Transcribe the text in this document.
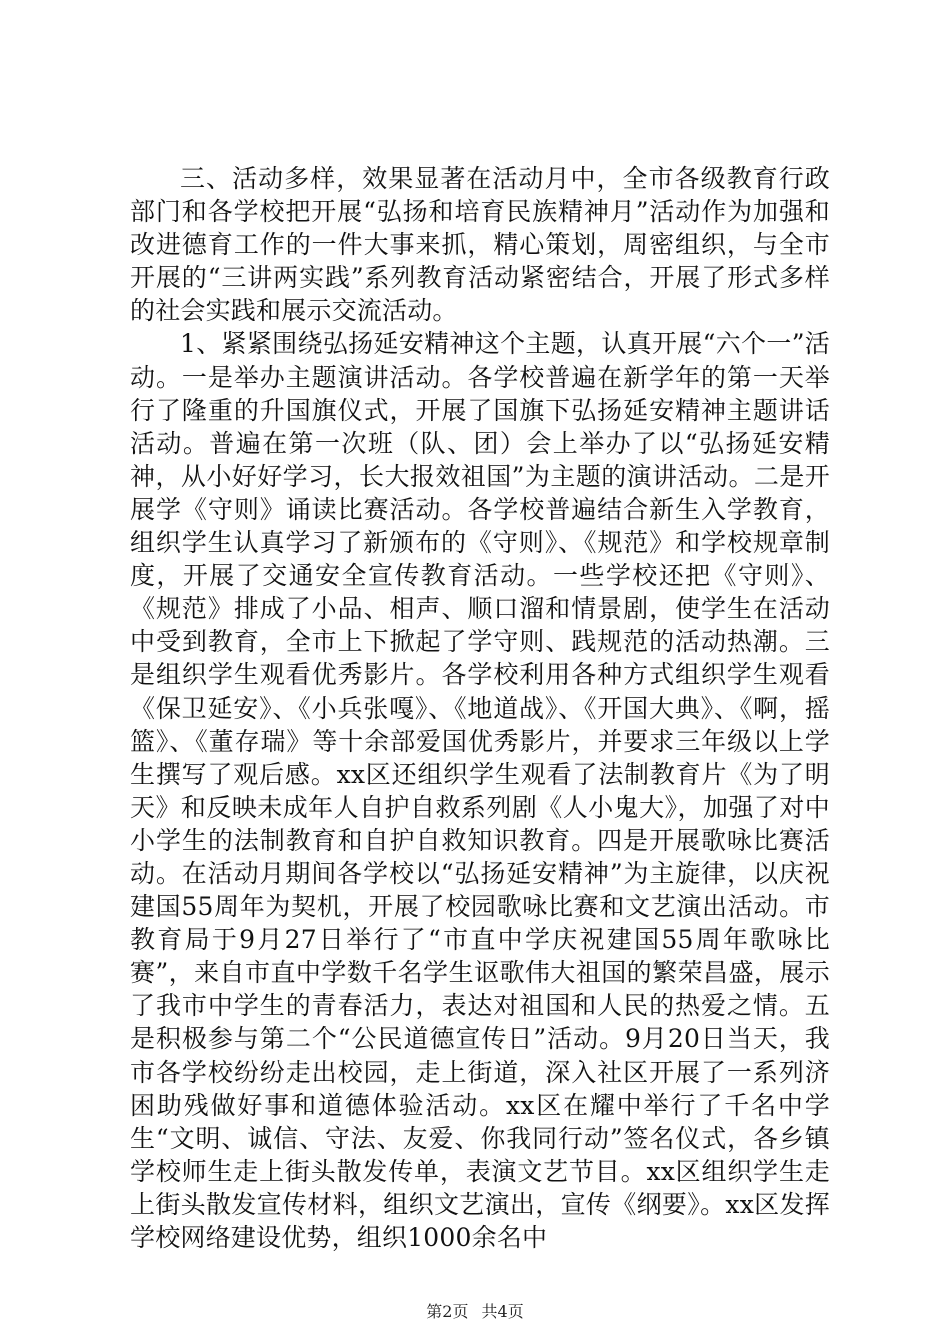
三、活动多样，效果显著在活动月中，全市各级教育行政部门和各学校把开展“弘扬和培育民族精神月”活动作为加强和改进德育工作的一件大事来抓，精心策划，周密组织，与全市开展的“三讲两实践”系列教育活动紧密结合，开展了形式多样的社会实践和展示交流活动。

1、紧紧围绕弘扬延安精神这个主题，认真开展“六个一”活动。一是举办主题演讲活动。各学校普遍在新学年的第一天举行了隆重的升国旗仪式，开展了国旗下弘扬延安精神主题讲话活动。普遍在第一次班（队、团）会上举办了以“弘扬延安精神，从小好好学习，长大报效祖国”为主题的演讲活动。二是开展学《守则》诵读比赛活动。各学校普遍结合新生入学教育，组织学生认真学习了新颁布的《守则》、《规范》和学校规章制度，开展了交通安全宣传教育活动。一些学校还把《守则》、《规范》排成了小品、相声、顺口溜和情景剧，使学生在活动中受到教育，全市上下掀起了学守则、践规范的活动热潮。三是组织学生观看优秀影片。各学校利用各种方式组织学生观看《保卫延安》、《小兵张嘎》、《地道战》、《开国大典》、《啊，摇篮》、《董存瑞》等十余部爱国优秀影片，并要求三年级以上学生撰写了观后感。xx区还组织学生观看了法制教育片《为了明天》和反映未成年人自护自救系列剧《人小鬼大》，加强了对中小学生的法制教育和自护自救知识教育。四是开展歌咏比赛活动。在活动月期间各学校以“弘扬延安精神”为主旋律，以庆祝建国55周年为契机，开展了校园歌咏比赛和文艺演出活动。市教育局于9月27日举行了“市直中学庆祝建国55周年歌咏比赛”，来自市直中学数千名学生讴歌伟大祖国的繁荣昌盛，展示了我市中学生的青春活力，表达对祖国和人民的热爱之情。五是积极参与第二个“公民道德宣传日”活动。9月20日当天，我市各学校纷纷走出校园，走上街道，深入社区开展了一系列济困助残做好事和道德体验活动。xx区在耀中举行了千名中学生“文明、诚信、守法、友爱、你我同行动”签名仪式，各乡镇学校师生走上街头散发传单，表演文艺节目。xx区组织学生走上街头散发宣传材料，组织文艺演出，宣传《纲要》。xx区发挥学校网络建设优势，组织1000余名中

第2页 共4页
